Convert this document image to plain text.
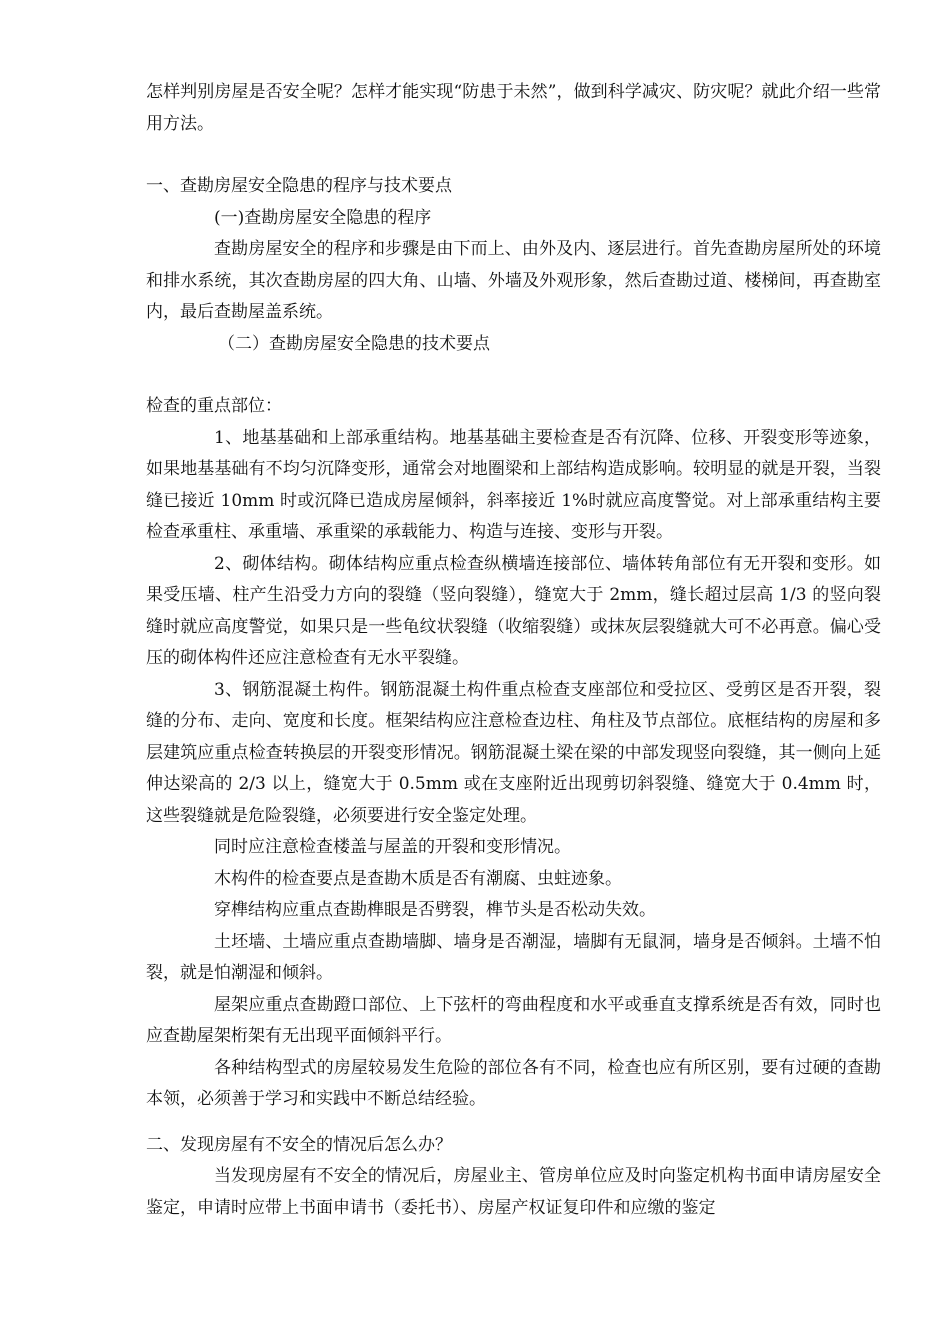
怎样判别房屋是否安全呢？怎样才能实现“防患于未然”，做到科学减灾、防灾呢？就此介绍一些常用方法。

一、查勘房屋安全隐患的程序与技术要点

(一)查勘房屋安全隐患的程序

查勘房屋安全的程序和步骤是由下而上、由外及内、逐层进行。首先查勘房屋所处的环境和排水系统，其次查勘房屋的四大角、山墙、外墙及外观形象，然后查勘过道、楼梯间，再查勘室内，最后查勘屋盖系统。

（二）查勘房屋安全隐患的技术要点

检查的重点部位：

1、地基基础和上部承重结构。地基基础主要检查是否有沉降、位移、开裂变形等迹象，如果地基基础有不均匀沉降变形，通常会对地圈梁和上部结构造成影响。较明显的就是开裂，当裂缝已接近 10mm 时或沉降已造成房屋倾斜，斜率接近 1%时就应高度警觉。对上部承重结构主要检查承重柱、承重墙、承重梁的承载能力、构造与连接、变形与开裂。

2、砌体结构。砌体结构应重点检查纵横墙连接部位、墙体转角部位有无开裂和变形。如果受压墙、柱产生沿受力方向的裂缝（竖向裂缝），缝宽大于 2mm，缝长超过层高 1/3 的竖向裂缝时就应高度警觉，如果只是一些龟纹状裂缝（收缩裂缝）或抹灰层裂缝就大可不必再意。偏心受压的砌体构件还应注意检查有无水平裂缝。

3、钢筋混凝土构件。钢筋混凝土构件重点检查支座部位和受拉区、受剪区是否开裂，裂缝的分布、走向、宽度和长度。框架结构应注意检查边柱、角柱及节点部位。底框结构的房屋和多层建筑应重点检查转换层的开裂变形情况。钢筋混凝土梁在梁的中部发现竖向裂缝，其一侧向上延伸达梁高的 2/3 以上，缝宽大于 0.5mm 或在支座附近出现剪切斜裂缝、缝宽大于 0.4mm 时，这些裂缝就是危险裂缝，必须要进行安全鉴定处理。

同时应注意检查楼盖与屋盖的开裂和变形情况。

木构件的检查要点是查勘木质是否有潮腐、虫蛀迹象。

穿榫结构应重点查勘榫眼是否劈裂，榫节头是否松动失效。

土坯墙、土墙应重点查勘墙脚、墙身是否潮湿，墙脚有无鼠洞，墙身是否倾斜。土墙不怕裂，就是怕潮湿和倾斜。

屋架应重点查勘蹬口部位、上下弦杆的弯曲程度和水平或垂直支撑系统是否有效，同时也应查勘屋架桁架有无出现平面倾斜平行。

各种结构型式的房屋较易发生危险的部位各有不同，检查也应有所区别，要有过硬的查勘本领，必须善于学习和实践中不断总结经验。

二、发现房屋有不安全的情况后怎么办？

当发现房屋有不安全的情况后，房屋业主、管房单位应及时向鉴定机构书面申请房屋安全鉴定，申请时应带上书面申请书（委托书）、房屋产权证复印件和应缴的鉴定
